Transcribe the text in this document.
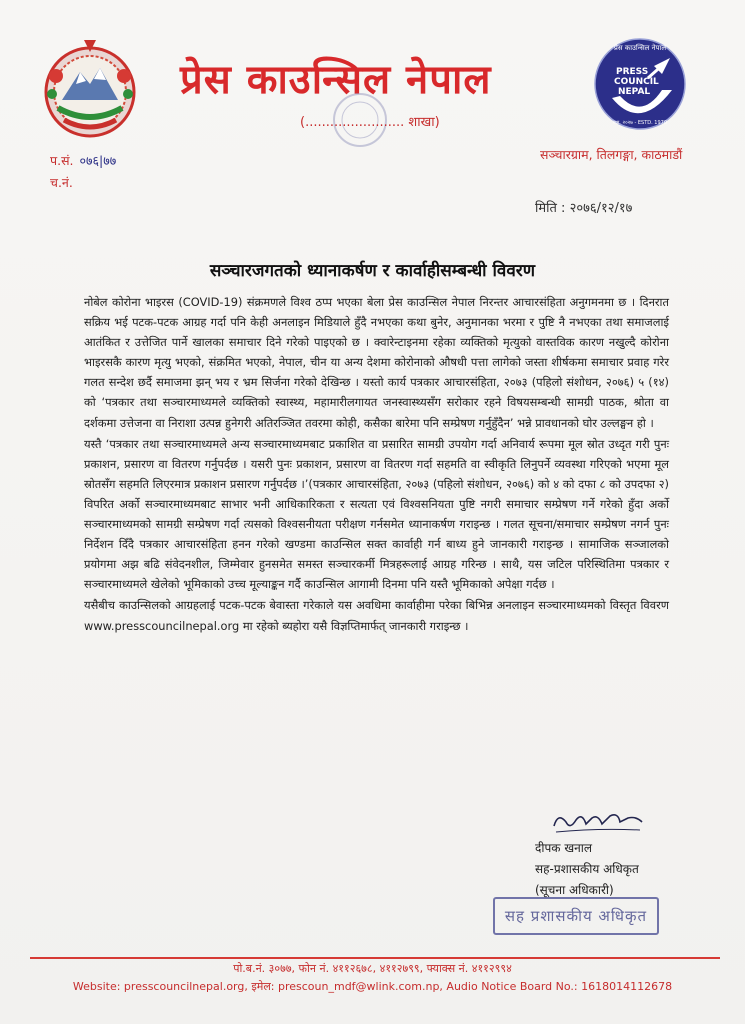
प्रेस काउन्सिल नेपाल
(........................ शाखा)
PRESS
COUNCIL
NEPAL
प्रेस काउन्सिल नेपाल
स्था. २०२७ - ESTD. 1970
सञ्चारग्राम, तिलगङ्गा, काठमाडौं
प.सं. ०७६|७७
च.नं.
मिति : २०७६/१२/१७
सञ्चारजगतको ध्यानाकर्षण र कार्वाहीसम्बन्धी विवरण

नोबेल कोरोना भाइरस (COVID-19) संक्रमणले विश्व ठप्प भएका बेला प्रेस काउन्सिल नेपाल निरन्तर आचारसंहिता अनुगमनमा छ । दिनरात सक्रिय भई पटक-पटक आग्रह गर्दा पनि केही अनलाइन मिडियाले हुँदै नभएका कथा बुनेर, अनुमानका भरमा र पुष्टि नै नभएका तथा समाजलाई आतंकित र उत्तेजित पार्ने खालका समाचार दिने गरेको पाइएको छ । क्वारेन्टाइनमा रहेका व्यक्तिको मृत्युको वास्तविक कारण नखुल्दै कोरोना भाइरसकै कारण मृत्यु भएको, संक्रमित भएको, नेपाल, चीन या अन्य देशमा कोरोनाको औषधी पत्ता लागेको जस्ता शीर्षकमा समाचार प्रवाह गरेर गलत सन्देश छर्दै समाजमा झन् भय र भ्रम सिर्जना गरेको देखिन्छ । यस्तो कार्य पत्रकार आचारसंहिता, २०७३ (पहिलो संशोधन, २०७६) ५ (१४) को ‘पत्रकार तथा सञ्चारमाध्यमले व्यक्तिको स्वास्थ्य, महामारीलगायत जनस्वास्थ्यसँग सरोकार रहने विषयसम्बन्धी सामग्री पाठक, श्रोता वा दर्शकमा उत्तेजना वा निराशा उत्पन्न हुनेगरी अतिरञ्जित तवरमा कोही, कसैका बारेमा पनि सम्प्रेषण गर्नुहुँदैन’ भन्ने प्रावधानको घोर उल्लङ्घन हो ।

यस्तै ‘पत्रकार तथा सञ्चारमाध्यमले अन्य सञ्चारमाध्यमबाट प्रकाशित वा प्रसारित सामग्री उपयोग गर्दा अनिवार्य रूपमा मूल स्रोत उध्दृत गरी पुनः प्रकाशन, प्रसारण वा वितरण गर्नुपर्दछ । यसरी पुनः प्रकाशन, प्रसारण वा वितरण गर्दा सहमति वा स्वीकृति लिनुपर्ने व्यवस्था गरिएको भएमा मूल स्रोतसँग सहमति लिएरमात्र प्रकाशन प्रसारण गर्नुपर्दछ ।’(पत्रकार आचारसंहिता, २०७३ (पहिलो संशोधन, २०७६) को ४ को दफा ८ को उपदफा २) विपरित अर्को सञ्चारमाध्यमबाट साभार भनी आधिकारिकता र सत्यता एवं विश्वसनियता पुष्टि नगरी समाचार सम्प्रेषण गर्ने गरेको हुँदा अर्को सञ्चारमाध्यमको सामग्री सम्प्रेषण गर्दा त्यसको विश्वसनीयता परीक्षण गर्नसमेत ध्यानाकर्षण गराइन्छ । गलत सूचना/समाचार सम्प्रेषण नगर्न पुनः निर्देशन दिँदै पत्रकार आचारसंहिता हनन गरेको खण्डमा काउन्सिल सक्त कार्वाही गर्न बाध्य हुने जानकारी गराइन्छ । सामाजिक सञ्जालको प्रयोगमा अझ बढि संवेदनशील, जिम्मेवार हुनसमेत समस्त सञ्चारकर्मी मित्रहरूलाई आग्रह गरिन्छ । साथै, यस जटिल परिस्थितिमा पत्रकार र सञ्चारमाध्यमले खेलेको भूमिकाको उच्च मूल्याङ्कन गर्दै काउन्सिल आगामी दिनमा पनि यस्तै भूमिकाको अपेक्षा गर्दछ ।

यसैबीच काउन्सिलको आग्रहलाई पटक-पटक बेवास्ता गरेकाले यस अवधिमा कार्वाहीमा परेका बिभिन्न अनलाइन सञ्चारमाध्यमको विस्तृत विवरण www.presscouncilnepal.org मा रहेको ब्यहोरा यसै विज्ञप्तिमार्फत् जानकारी गराइन्छ ।

दीपक खनाल
सह-प्रशासकीय अधिकृत
(सूचना अधिकारी)
सह प्रशासकीय अधिकृत
पो.ब.नं. ३०७७, फोन नं. ४११२६७८, ४११२७९९, फ्याक्स नं. ४११२९९४
Website: presscouncilnepal.org, इमेल: prescoun_mdf@wlink.com.np, Audio Notice Board No.: 161801411267​8
